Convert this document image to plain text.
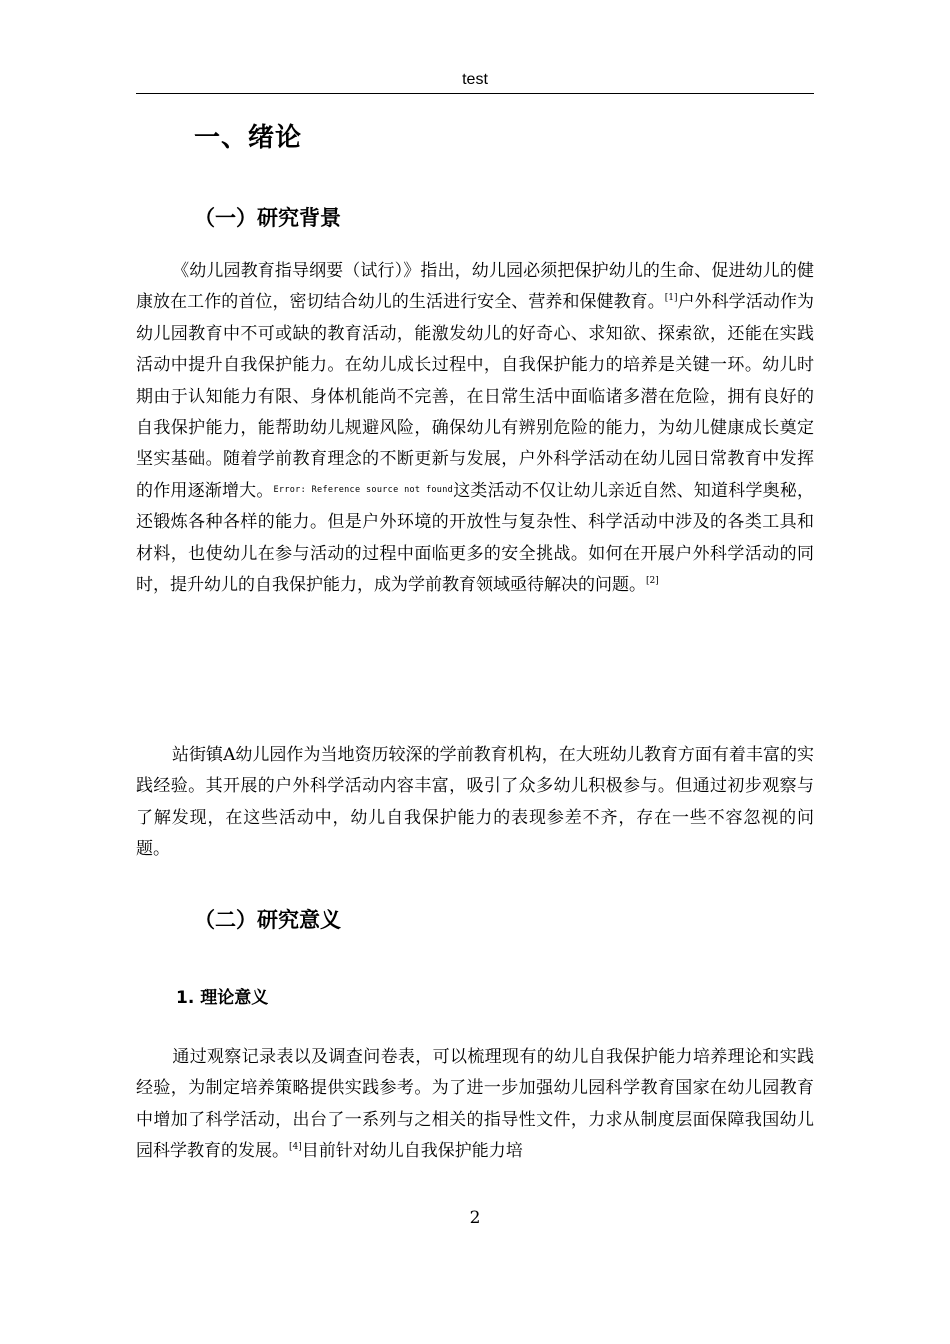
test
一、绪论
（一）研究背景
《幼儿园教育指导纲要（试行）》指出，幼儿园必须把保护幼儿的生命、促进幼儿的健康放在工作的首位，密切结合幼儿的生活进行安全、营养和保健教育。[1]户外科学活动作为幼儿园教育中不可或缺的教育活动，能激发幼儿的好奇心、求知欲、探索欲，还能在实践活动中提升自我保护能力。在幼儿成长过程中，自我保护能力的培养是关键一环。幼儿时期由于认知能力有限、身体机能尚不完善，在日常生活中面临诸多潜在危险，拥有良好的自我保护能力，能帮助幼儿规避风险，确保幼儿有辨别危险的能力，为幼儿健康成长奠定坚实基础。随着学前教育理念的不断更新与发展，户外科学活动在幼儿园日常教育中发挥的作用逐渐增大。$^{Error: Reference source not found}$这类活动不仅让幼儿亲近自然、知道科学奥秘，还锻炼各种各样的能力。但是户外环境的开放性与复杂性、科学活动中涉及的各类工具和材料，也使幼儿在参与活动的过程中面临更多的安全挑战。如何在开展户外科学活动的同时，提升幼儿的自我保护能力，成为学前教育领域亟待解决的问题。[2]
站街镇A幼儿园作为当地资历较深的学前教育机构，在大班幼儿教育方面有着丰富的实践经验。其开展的户外科学活动内容丰富，吸引了众多幼儿积极参与。但通过初步观察与了解发现，在这些活动中，幼儿自我保护能力的表现参差不齐，存在一些不容忽视的问题。
（二）研究意义
1. 理论意义
通过观察记录表以及调查问卷表，可以梳理现有的幼儿自我保护能力培养理论和实践经验，为制定培养策略提供实践参考。为了进一步加强幼儿园科学教育国家在幼儿园教育中增加了科学活动，出台了一系列与之相关的指导性文件，力求从制度层面保障我国幼儿园科学教育的发展。[4]目前针对幼儿自我保护能力培
2
